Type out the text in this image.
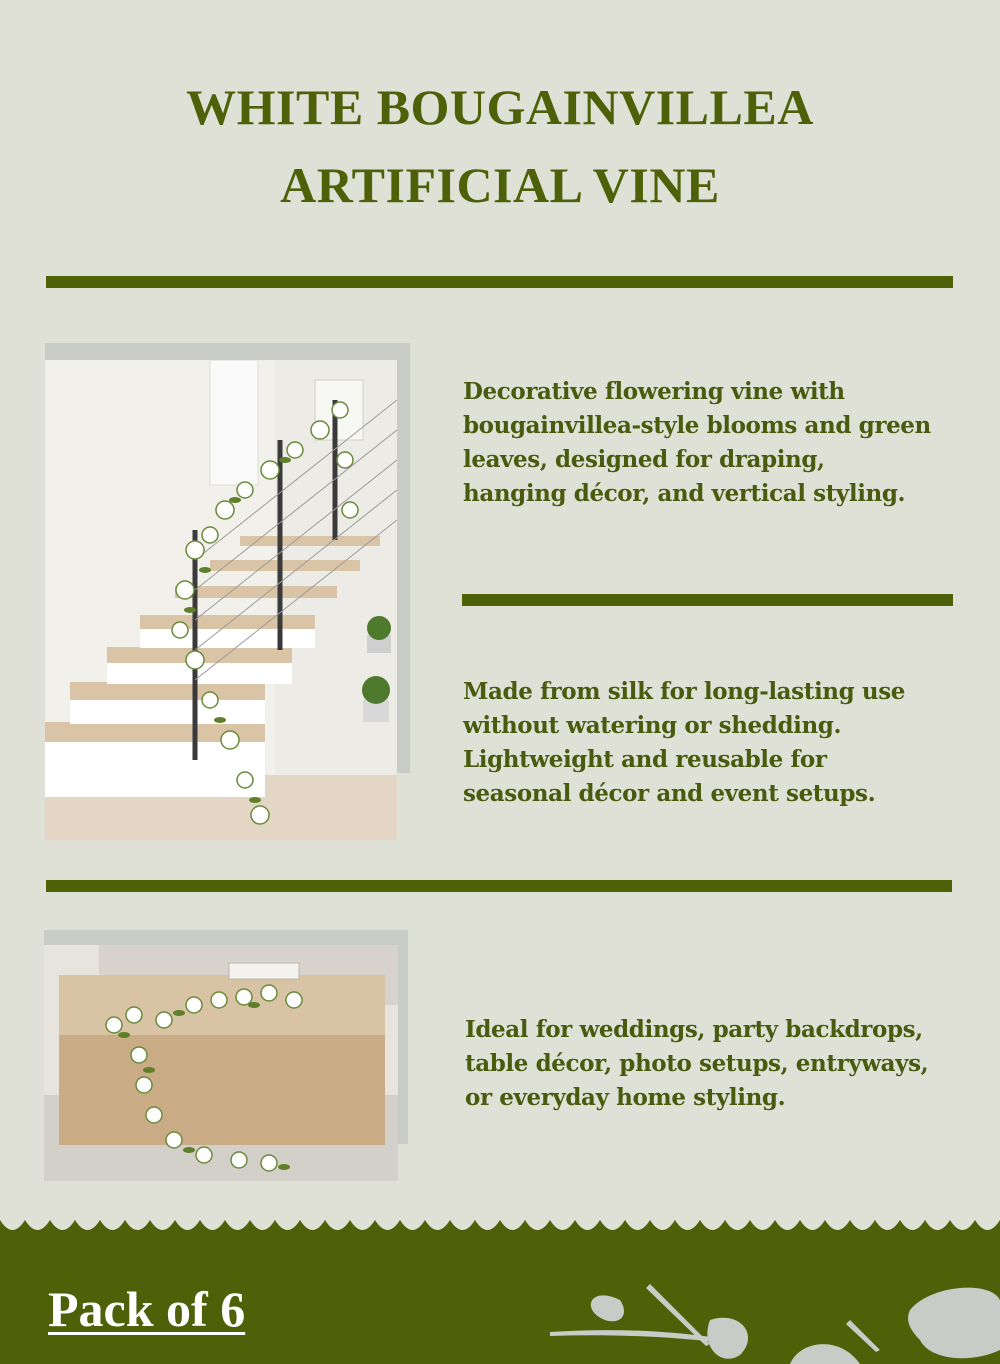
WHITE BOUGAINVILLEA
ARTIFICIAL VINE
Decorative flowering vine with bougainvillea-style blooms and green leaves, designed for draping, hanging décor, and vertical styling.
Made from silk for long-lasting use without watering or shedding. Lightweight and reusable for seasonal décor and event setups.
Ideal for weddings, party backdrops, table décor, photo setups, entryways, or everyday home styling.
Pack of 6
